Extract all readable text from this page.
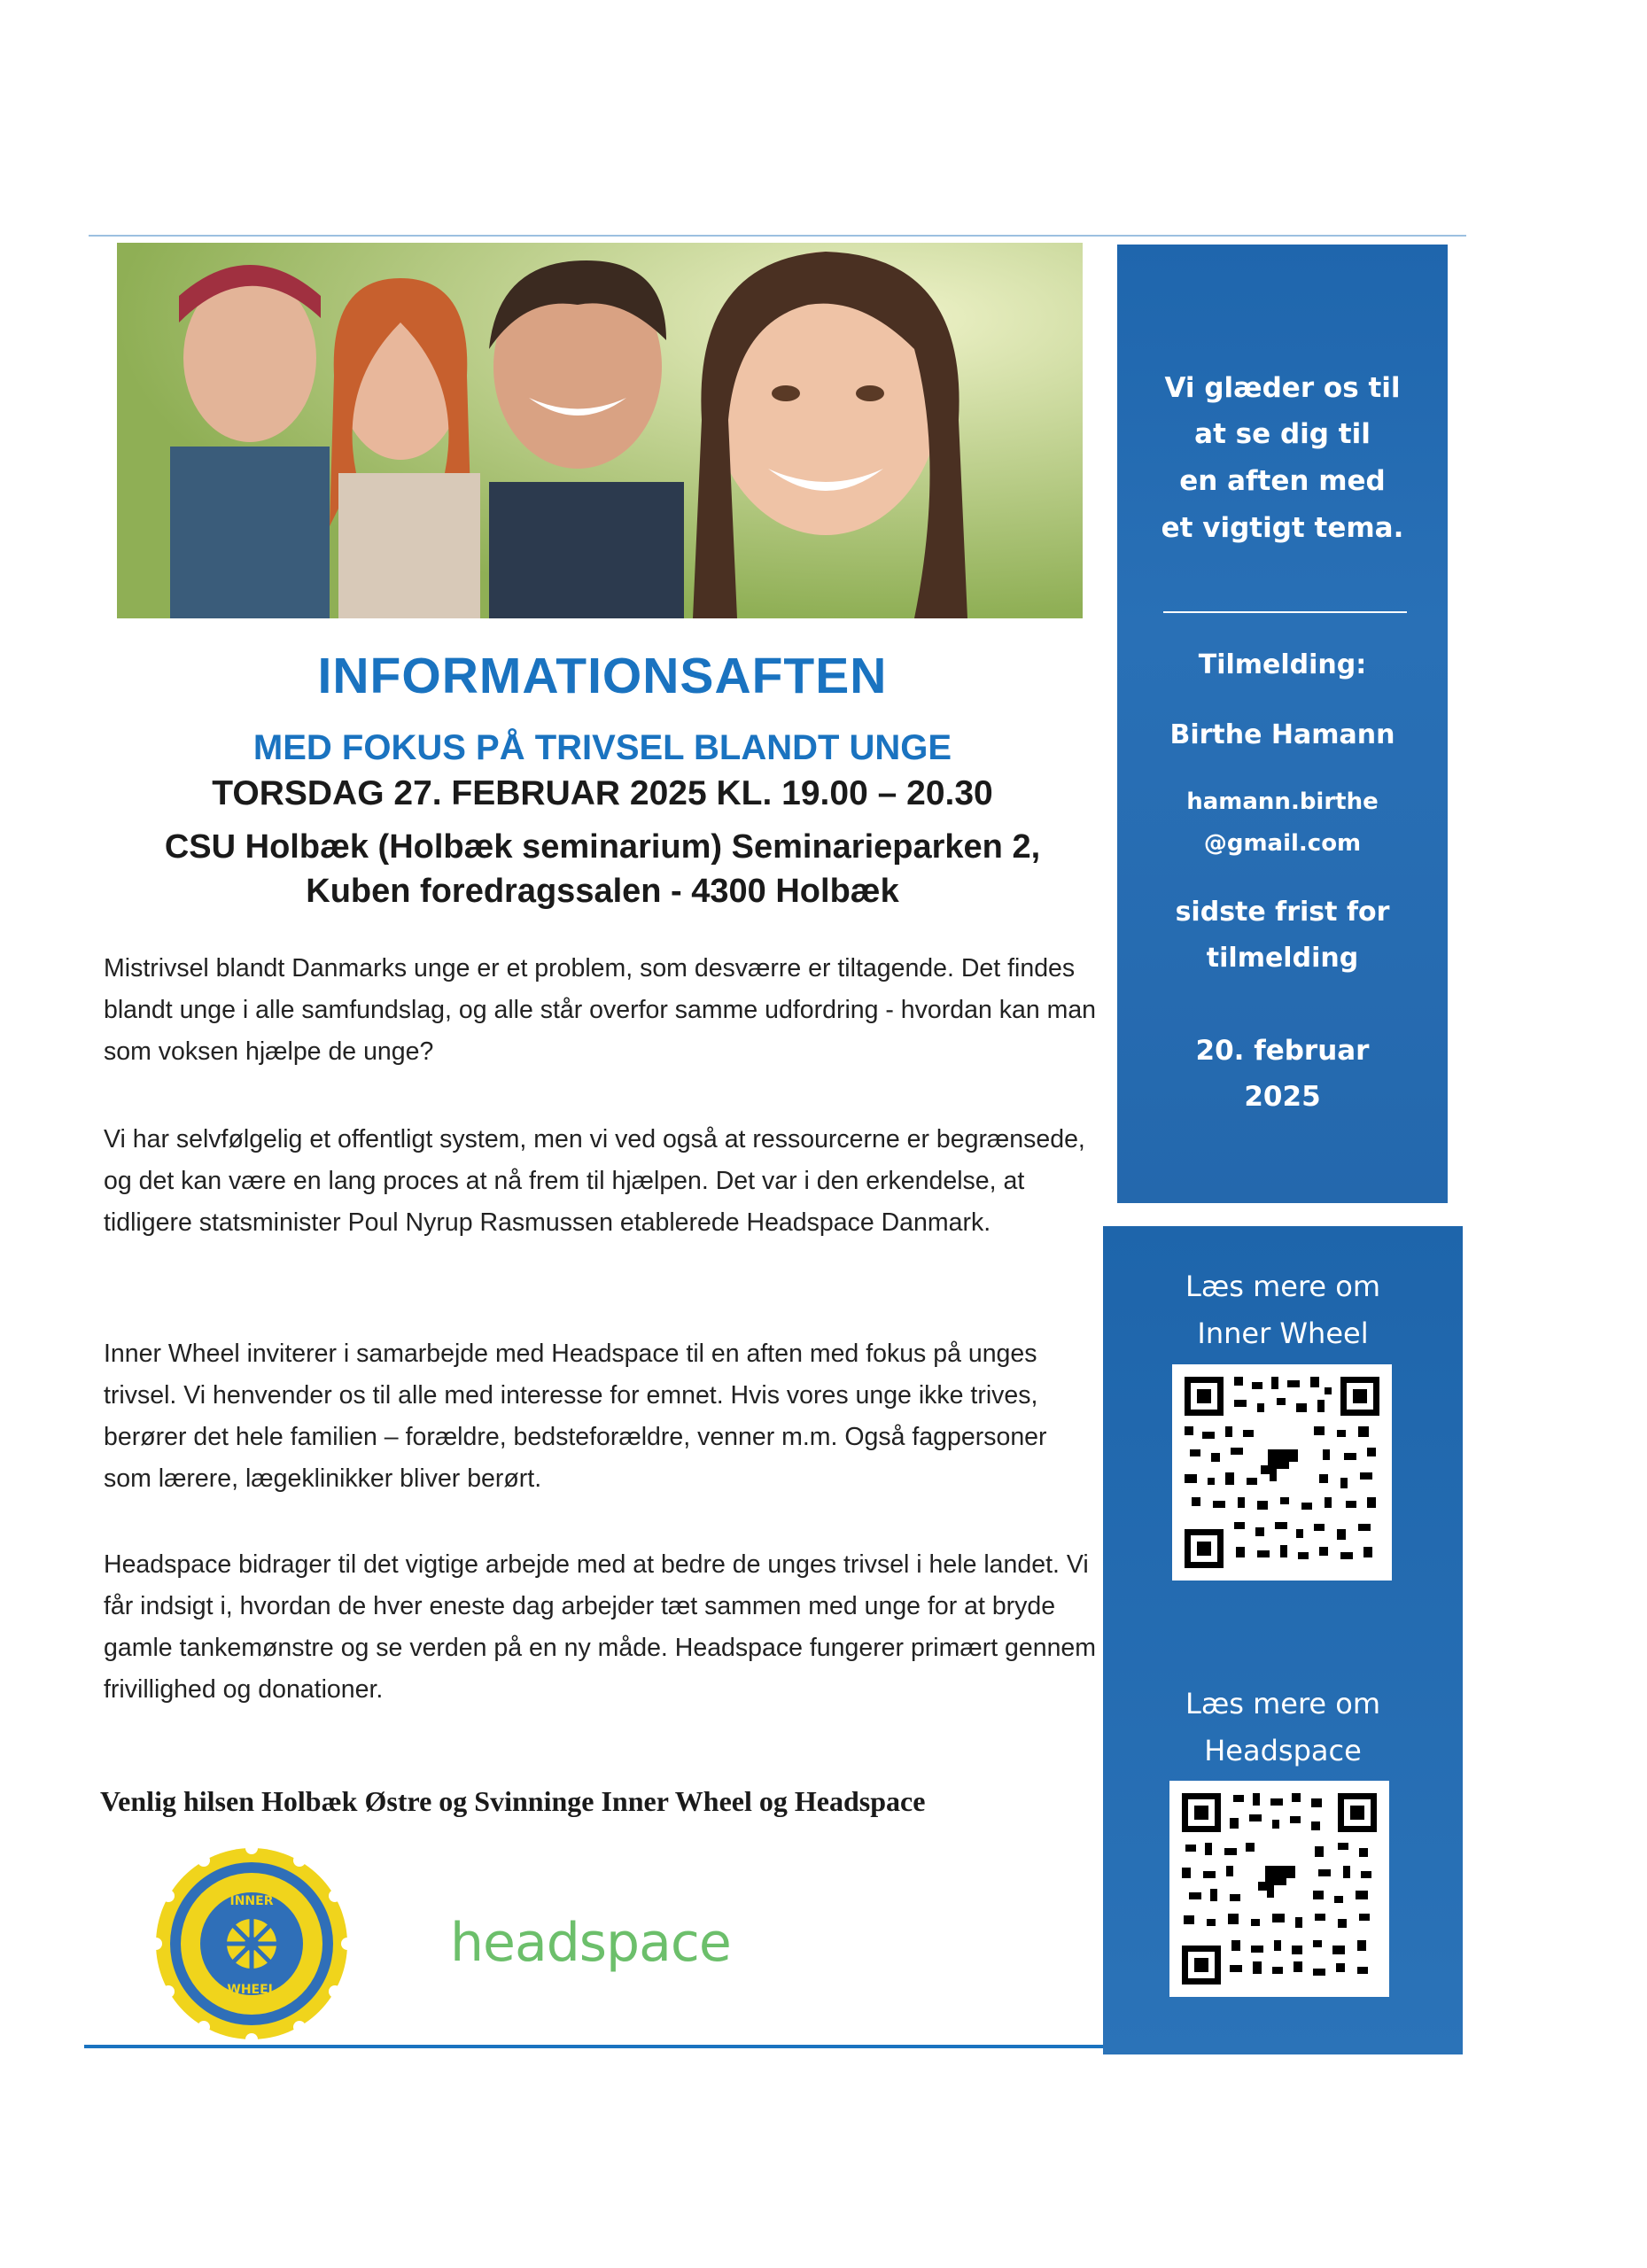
INFORMATIONSAFTEN
MED FOKUS PÅ TRIVSEL BLANDT UNGE
TORSDAG 27. FEBRUAR 2025 KL. 19.00 – 20.30
CSU Holbæk (Holbæk seminarium) Seminarieparken 2,
Kuben foredragssalen - 4300 Holbæk

Mistrivsel blandt Danmarks unge er et problem, som desværre er tiltagende. Det findes blandt unge i alle samfundslag, og alle står overfor samme udfordring - hvordan kan man som voksen hjælpe de unge?

Vi har selvfølgelig et offentligt system, men vi ved også at ressourcerne er begrænsede, og det kan være en lang proces at nå frem til hjælpen. Det var i den erkendelse, at tidligere statsminister Poul Nyrup Rasmussen etablerede Headspace Danmark.

Inner Wheel inviterer i samarbejde med Headspace til en aften med fokus på unges trivsel. Vi henvender os til alle med interesse for emnet. Hvis vores unge ikke trives, berører det hele familien – forældre, bedsteforældre, venner m.m. Også fagpersoner som lærere, lægeklinikker bliver berørt.

Headspace bidrager til det vigtige arbejde med at bedre de unges trivsel i hele landet. Vi får indsigt i, hvordan de hver eneste dag arbejder tæt sammen med unge for at bryde gamle tankemønstre og se verden på en ny måde. Headspace fungerer primært gennem frivillighed og donationer.

Venlig hilsen Holbæk Østre og Svinninge Inner Wheel og Headspace
INNER
WHEEL
headspace

Vi glæder os til

at se dig til

en aften med

et vigtigt tema.

Tilmelding:

Birthe Hamann

hamann.birthe

@gmail.com

sidste frist for

tilmelding

20. februar

2025

Læs mere om

Inner Wheel

Læs mere om

Headspace
